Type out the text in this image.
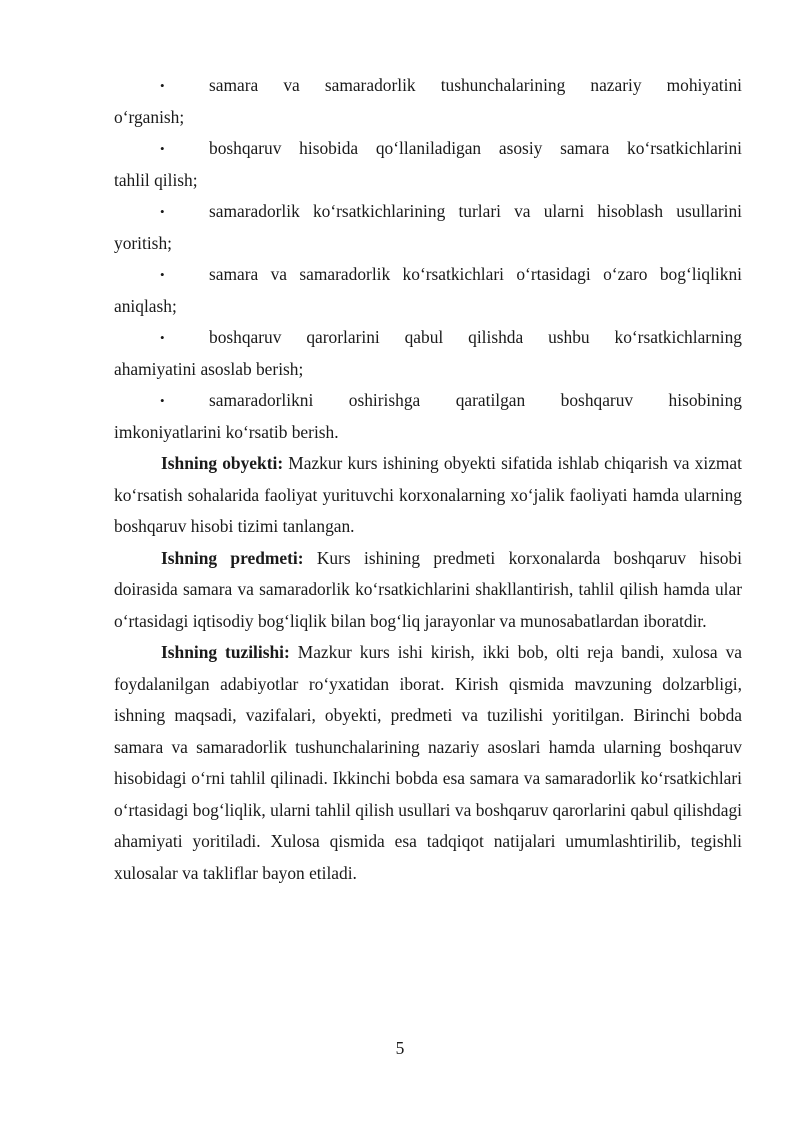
• samara va samaradorlik tushunchalarining nazariy mohiyatini

o‘rganish;

• boshqaruv hisobida qo‘llaniladigan asosiy samara ko‘rsatkichlarini

tahlil qilish;

• samaradorlik ko‘rsatkichlarining turlari va ularni hisoblash usullarini

yoritish;

• samara va samaradorlik ko‘rsatkichlari o‘rtasidagi o‘zaro bog‘liqlikni

aniqlash;

• boshqaruv qarorlarini qabul qilishda ushbu ko‘rsatkichlarning

ahamiyatini asoslab berish;

• samaradorlikni oshirishga qaratilgan boshqaruv hisobining

imkoniyatlarini ko‘rsatib berish.

Ishning obyekti: Mazkur kurs ishining obyekti sifatida ishlab chiqarish va xizmat ko‘rsatish sohalarida faoliyat yurituvchi korxonalarning xo‘jalik faoliyati hamda ularning boshqaruv hisobi tizimi tanlangan.

Ishning predmeti: Kurs ishining predmeti korxonalarda boshqaruv hisobi doirasida samara va samaradorlik ko‘rsatkichlarini shakllantirish, tahlil qilish hamda ular o‘rtasidagi iqtisodiy bog‘liqlik bilan bog‘liq jarayonlar va munosabatlardan iboratdir.

Ishning tuzilishi: Mazkur kurs ishi kirish, ikki bob, olti reja bandi, xulosa va foydalanilgan adabiyotlar ro‘yxatidan iborat. Kirish qismida mavzuning dolzarbligi, ishning maqsadi, vazifalari, obyekti, predmeti va tuzilishi yoritilgan. Birinchi bobda samara va samaradorlik tushunchalarining nazariy asoslari hamda ularning boshqaruv hisobidagi o‘rni tahlil qilinadi. Ikkinchi bobda esa samara va samaradorlik ko‘rsatkichlari o‘rtasidagi bog‘liqlik, ularni tahlil qilish usullari va boshqaruv qarorlarini qabul qilishdagi ahamiyati yoritiladi. Xulosa qismida esa tadqiqot natijalari umumlashtirilib, tegishli xulosalar va takliflar bayon etiladi.

5
